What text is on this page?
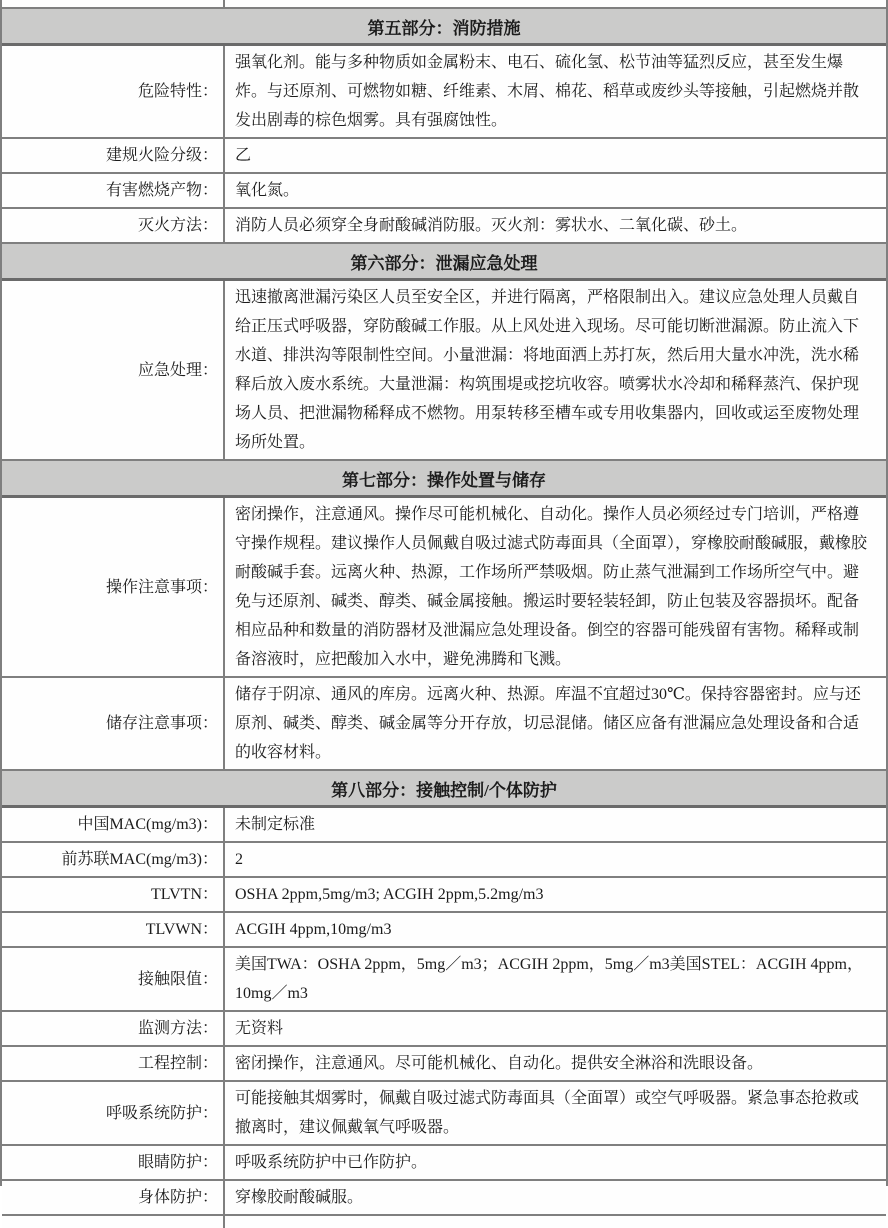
第五部分：消防措施
危险特性：
强氧化剂。能与多种物质如金属粉末、电石、硫化氢、松节油等猛烈反应，甚至发生爆炸。与还原剂、可燃物如糖、纤维素、木屑、棉花、稻草或废纱头等接触，引起燃烧并散发出剧毒的棕色烟雾。具有强腐蚀性。
建规火险分级： 乙
有害燃烧产物： 氧化氮。
灭火方法： 消防人员必须穿全身耐酸碱消防服。灭火剂：雾状水、二氧化碳、砂土。
第六部分：泄漏应急处理
应急处理：
迅速撤离泄漏污染区人员至安全区，并进行隔离，严格限制出入。建议应急处理人员戴自给正压式呼吸器，穿防酸碱工作服。从上风处进入现场。尽可能切断泄漏源。防止流入下水道、排洪沟等限制性空间。小量泄漏：将地面洒上苏打灰，然后用大量水冲洗，洗水稀释后放入废水系统。大量泄漏：构筑围堤或挖坑收容。喷雾状水冷却和稀释蒸汽、保护现场人员、把泄漏物稀释成不燃物。用泵转移至槽车或专用收集器内，回收或运至废物处理场所处置。
第七部分：操作处置与储存
操作注意事项：
密闭操作，注意通风。操作尽可能机械化、自动化。操作人员必须经过专门培训，严格遵守操作规程。建议操作人员佩戴自吸过滤式防毒面具（全面罩），穿橡胶耐酸碱服，戴橡胶耐酸碱手套。远离火种、热源，工作场所严禁吸烟。防止蒸气泄漏到工作场所空气中。避免与还原剂、碱类、醇类、碱金属接触。搬运时要轻装轻卸，防止包装及容器损坏。配备相应品种和数量的消防器材及泄漏应急处理设备。倒空的容器可能残留有害物。稀释或制备溶液时，应把酸加入水中，避免沸腾和飞溅。
储存注意事项：
储存于阴凉、通风的库房。远离火种、热源。库温不宜超过30℃。保持容器密封。应与还原剂、碱类、醇类、碱金属等分开存放，切忌混储。储区应备有泄漏应急处理设备和合适的收容材料。
第八部分：接触控制/个体防护
中国MAC(mg/m3)： 未制定标准
前苏联MAC(mg/m3)： 2
TLVTN： OSHA 2ppm,5mg/m3; ACGIH 2ppm,5.2mg/m3
TLVWN： ACGIH 4ppm,10mg/m3
接触限值：
美国TWA：OSHA 2ppm，5mg／m3；ACGIH 2ppm，5mg／m3美国STEL：ACGIH 4ppm，10mg／m3
监测方法： 无资料
工程控制： 密闭操作，注意通风。尽可能机械化、自动化。提供安全淋浴和洗眼设备。
呼吸系统防护：
可能接触其烟雾时，佩戴自吸过滤式防毒面具（全面罩）或空气呼吸器。紧急事态抢救或撤离时，建议佩戴氧气呼吸器。
眼睛防护： 呼吸系统防护中已作防护。
身体防护： 穿橡胶耐酸碱服。
